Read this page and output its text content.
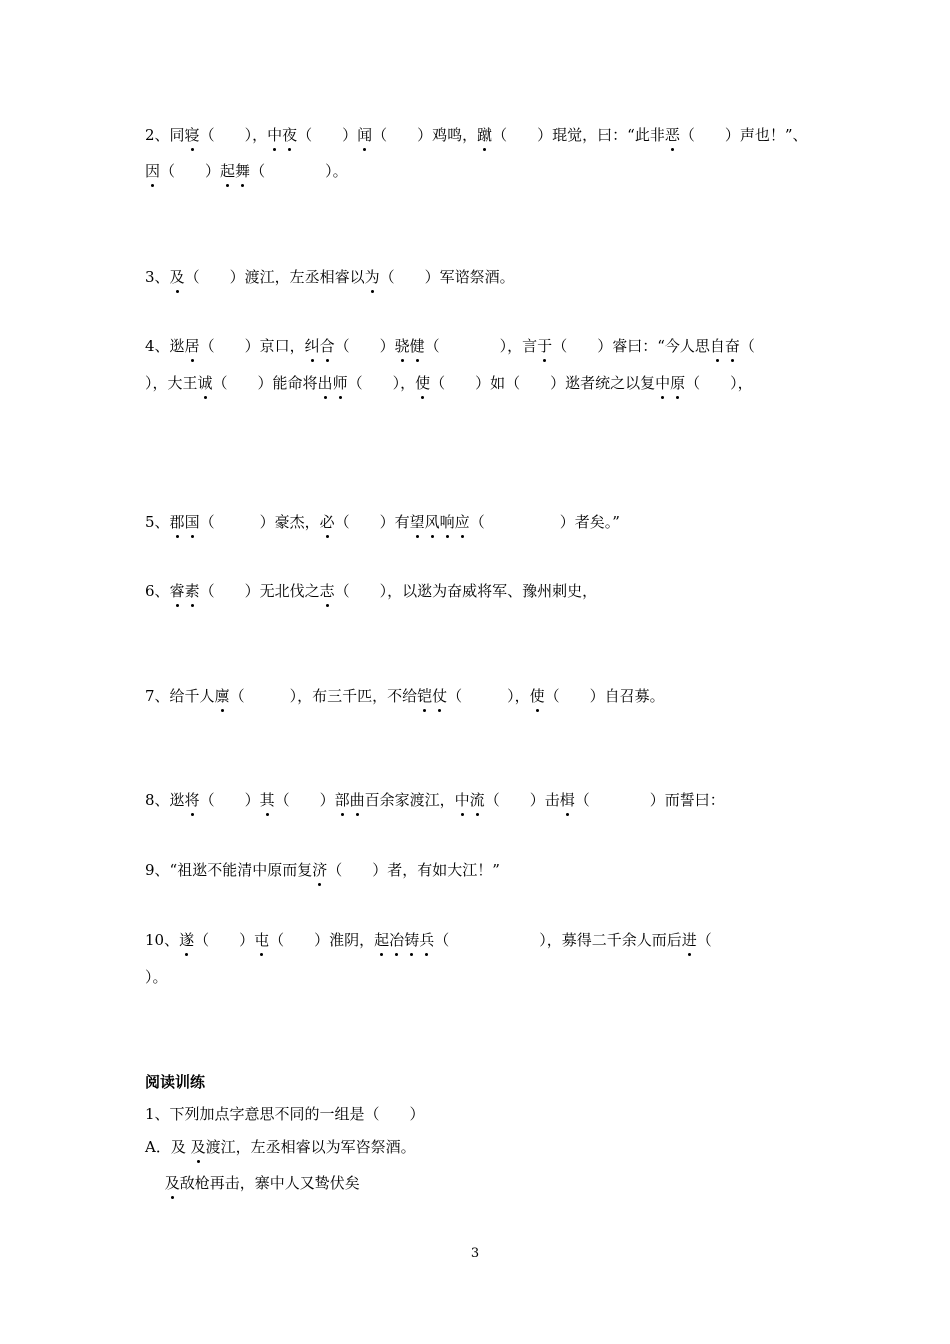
2、同寝（　　），中夜（　　）闻（　　）鸡鸣，蹴（　　）琨觉，曰：“此非恶（　　）声也！”、
因（　　）起舞（　　　　）。
3、及（　　）渡江，左丞相睿以为（　　）军谘祭酒。
4、逖居（　　）京口，纠合（　　）骁健（　　　　），言于（　　）睿曰：“今人思自奋（
），大王诚（　　）能命将出师（　　），使（　　）如（　　）逖者统之以复中原（　　），
5、郡国（　　　）豪杰，必（　　）有望风响应（　　　　　）者矣。”
6、睿素（　　）无北伐之志（　　），以逖为奋威将军、豫州刺史，
7、给千人廪（　　　），布三千匹，不给铠仗（　　　），使（　　）自召募。
8、逖将（　　）其（　　）部曲百余家渡江，中流（　　）击楫（　　　　）而誓曰：
9、“祖逖不能清中原而复济（　　）者，有如大江！”
10、遂（　　）屯（　　）淮阴，起冶铸兵（　　　　　　），募得二千余人而后进（
）。
阅读训练
1、下列加点字意思不同的一组是（　　）
A．及 及渡江，左丞相睿以为军咨祭酒。
　 及敌枪再击，寨中人又鸷伏矣
3
